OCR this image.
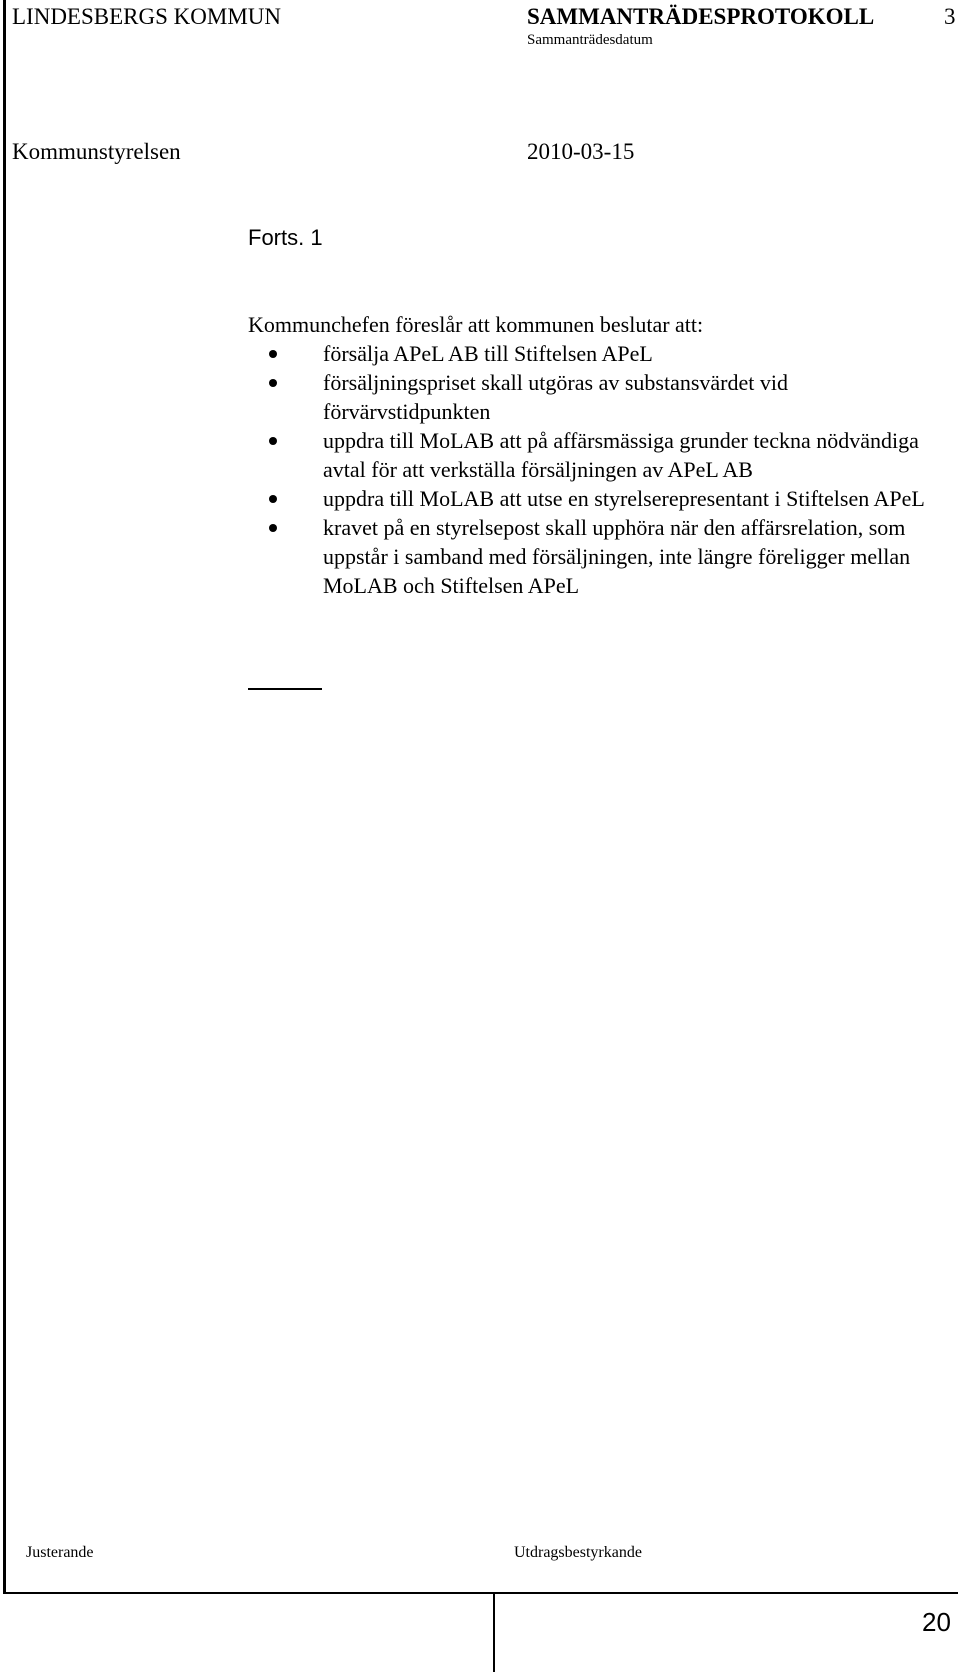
LINDESBERGS KOMMUN	SAMMANTRÄDESPROTOKOLL	3
Sammanträdesdatum
Kommunstyrelsen	2010-03-15
Forts. 1

Kommunchefen föreslår att kommunen beslutar att:

försälja APeL AB till Stiftelsen APeL
försäljningspriset skall utgöras av substansvärdet vid förvärvstidpunkten
uppdra till MoLAB att på affärsmässiga grunder teckna nödvändiga avtal för att verkställa försäljningen av APeL AB
uppdra till MoLAB att utse en styrelserepresentant i Stiftelsen APeL
kravet på en styrelsepost skall upphöra när den affärsrelation, som uppstår i samband med försäljningen, inte längre föreligger mellan MoLAB och Stiftelsen APeL
Justerande	Utdragsbestyrkande
20
